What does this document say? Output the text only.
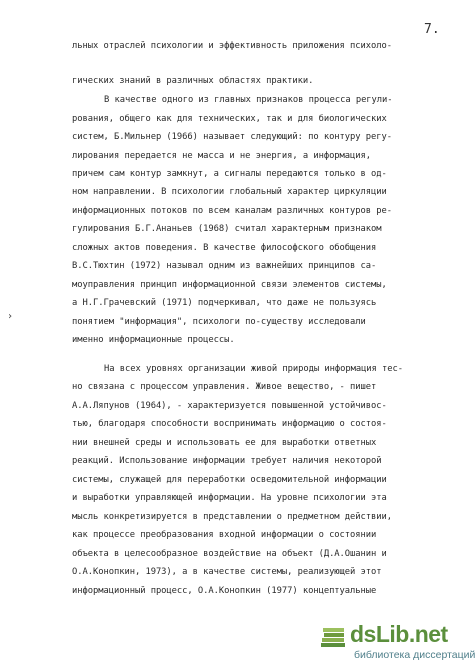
7.
›
льных отраслей психологии и эффективность приложения психоло-
гических знаний в различных областях практики.
В качестве одного из главных признаков процесса регули-
рования, общего как для технических, так и для биологических
систем, Б.Мильнер (1966) называет следующий: по контуру регу-
лирования передается не масса и не энергия, а информация,
причем сам контур замкнут, а сигналы передаются только в од-
ном направлении. В психологии глобальный характер циркуляции
информационных потоков по всем каналам различных контуров ре-
гулирования Б.Г.Ананьев (1968) считал характерным признаком
сложных актов поведения. В качестве философского обобщения
В.С.Тюхтин (1972) называл одним из важнейших принципов са-
моуправления принцип информационной связи элементов системы,
а Н.Г.Грачевский (1971) подчеркивал, что даже не пользуясь
понятием "информация", психологи по-существу исследовали
именно информационные процессы.
На всех уровнях организации живой природы информация тес-
но связана с процессом управления. Живое вещество, - пишет
А.А.Ляпунов (1964), - характеризуется повышенной устойчивос-
тью, благодаря способности воспринимать информацию о состоя-
нии внешней среды и использовать ее для выработки ответных
реакций. Использование информации требует наличия некоторой
системы, служащей для переработки осведомительной информации
и выработки управляющей информации. На уровне психологии эта
мысль конкретизируется в представлении о предметном действии,
как процессе преобразования входной информации о состоянии
объекта в целесообразное воздействие на объект (Д.А.Ошанин и
О.А.Конопкин, 1973), а в качестве системы, реализующей этот
информационный процесс, О.А.Конопкин (1977) концептуальные
dsLib.net
библиотека диссертаций
